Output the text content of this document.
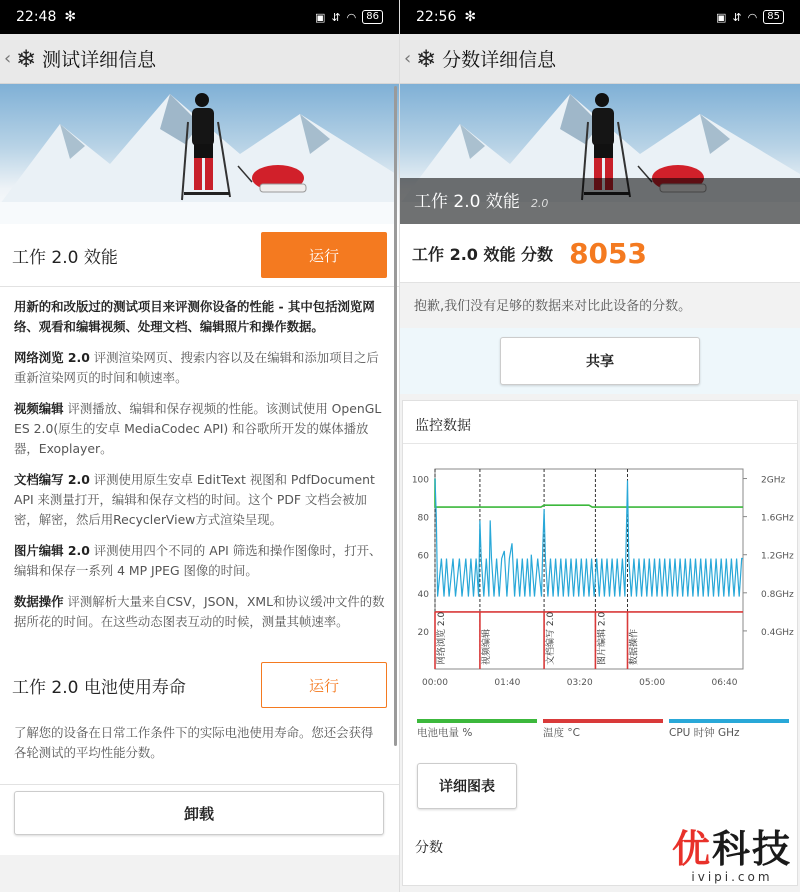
22:48 ✻	▣ ⇵ ◠	86
‹ ❄ 测试详细信息
工作 2.0 效能	运行

用新的和改版过的测试项目来评测你设备的性能 - 其中包括浏览网络、观看和编辑视频、处理文档、编辑照片和操作数据。

网络浏览 2.0 评测渲染网页、搜索内容以及在编辑和添加项目之后重新渲染网页的时间和帧速率。

视频编辑 评测播放、编辑和保存视频的性能。该测试使用 OpenGL ES 2.0(原生的安卓 MediaCodec API) 和谷歌所开发的媒体播放器，Exoplayer。

文档编写 2.0 评测使用原生安卓 EditText 视图和 PdfDocument API 来测量打开，编辑和保存文档的时间。这个 PDF 文档会被加密，解密，然后用RecyclerView方式渲染呈现。

图片编辑 2.0 评测使用四个不同的 API 筛选和操作图像时，打开、编辑和保存一系列 4 MP JPEG 图像的时间。

数据操作 评测解析大量来自CSV，JSON，XML和协议缓冲文件的数据所花的时间。在这些动态图表互动的时候，测量其帧速率。

工作 2.0 电池使用寿命	运行

了解您的设备在日常工作条件下的实际电池使用寿命。您还会获得各轮测试的平均性能分数。

卸载
22:56 ✻	▣ ⇵ ◠	85
‹ ❄ 分数详细信息
工作 2.0 效能 2.0
工作 2.0 效能 分数 8053
抱歉,我们没有足够的数据来对比此设备的分数。
共享
监控数据
100
80
60
40
20
2GHz
1.6GHz
1.2GHz
0.8GHz
0.4GHz
00:00	01:40	03:20	05:00	06:40
网络浏览 2.0	视频编辑	文档编写 2.0	图片编辑 2.0 数据操作
电池电量 %	温度 °C	CPU 时钟 GHz
详细图表
分数	优科技
ivipi.com
